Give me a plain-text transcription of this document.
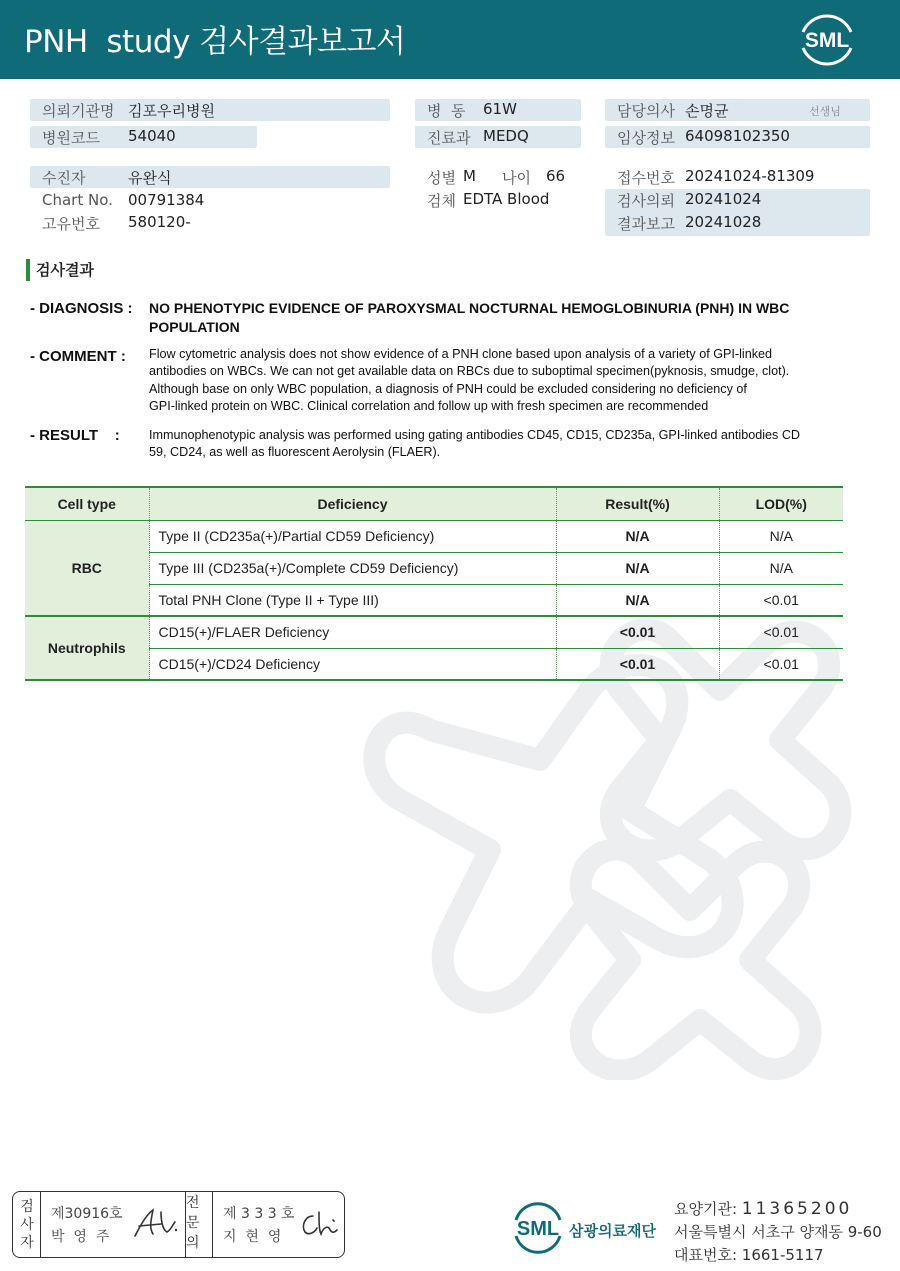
PNH  study 검사결과보고서	SML
의뢰기관명 김포우리병원
병원코드 54040
수진자	유완식
Chart No. 00791384
고유번호 580120-
병  동 61W
진료과 MEDQ
성별 M 나이 66
검체 EDTA Blood
담당의사 손명균	선생님
임상정보 64098102350
접수번호 20241024-81309
검사의뢰 20241024
결과보고 20241028
검사결과
- DIAGNOSIS : NO PHENOTYPIC EVIDENCE OF PAROXYSMAL NOCTURNAL HEMOGLOBINURIA (PNH) IN WBC
POPULATION
- COMMENT : Flow cytometric analysis does not show evidence of a PNH clone based upon analysis of a variety of GPI-linked
antibodies on WBCs. We can not get available data on RBCs due to suboptimal specimen(pyknosis, smudge, clot).
Although base on only WBC population, a diagnosis of PNH could be excluded considering no deficiency of
GPI-linked protein on WBC. Clinical correlation and follow up with fresh specimen are recommended
- RESULT    : Immunophenotypic analysis was performed using gating antibodies CD45, CD15, CD235a, GPI-linked antibodies CD
59, CD24, as well as fluorescent Aerolysin (FLAER).
Cell type	Deficiency	Result(%)	LOD(%)
RBC	Type II (CD235a(+)/Partial CD59 Deficiency)	N/A	N/A
	Type III (CD235a(+)/Complete CD59 Deficiency)	N/A	N/A
	Total PNH Clone (Type II + Type III)	N/A	<0.01
Neutrophils	CD15(+)/FLAER Deficiency	<0.01	<0.01
	CD15(+)/CD24 Deficiency	<0.01	<0.01
검
사
자
제30916호
박  영  주
전 문 의
제 3 3 3 호
지  현  영	SML 삼광의료재단
요양기관: 11365200
서울특별시 서초구 양재동 9-60
대표번호: 1661-5117
